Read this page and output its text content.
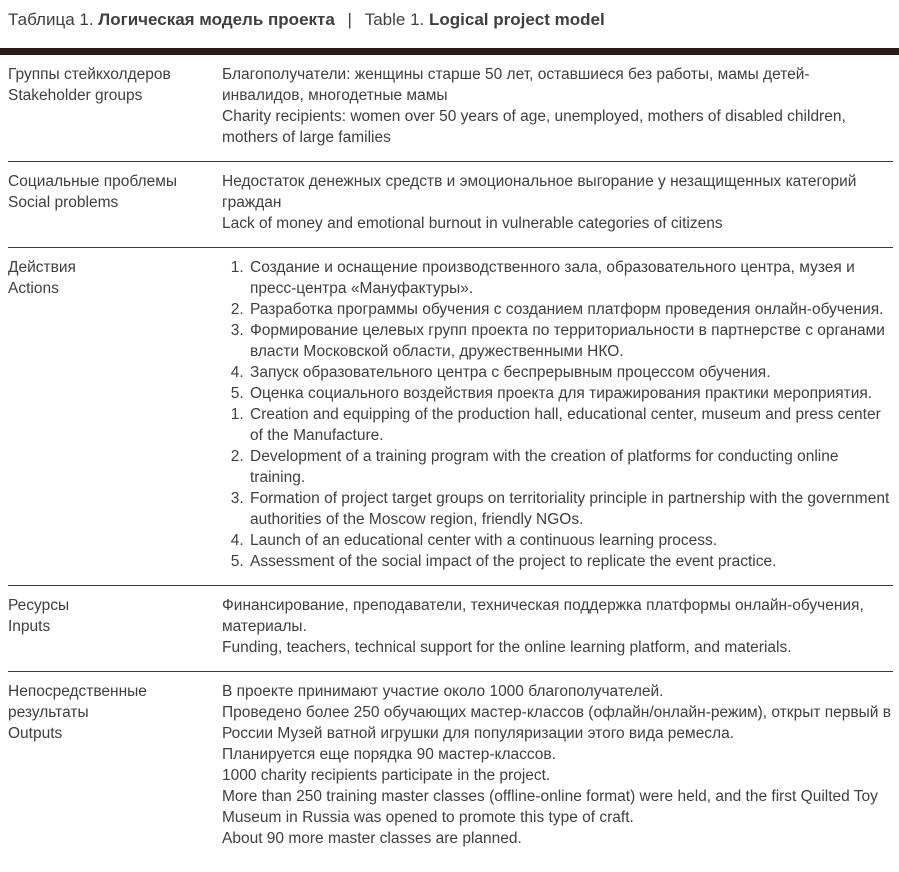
Таблица 1. Логическая модель проекта | Table 1. Logical project model
Группы стейкхолдеров
Stakeholder groups

Благополучатели: женщины старше 50 лет, оставшиеся без работы, мамы детей-инвалидов, многодетные мамы

Charity recipients: women over 50 years of age, unemployed, mothers of disabled children, mothers of large families

Социальные проблемы
Social problems

Недостаток денежных средств и эмоциональное выгорание у незащищенных категорий граждан

Lack of money and emotional burnout in vulnerable categories of citizens

Действия
Actions
1. Создание и оснащение производственного зала, образовательного центра, музея и пресс-центра «Мануфактуры».
2. Разработка программы обучения с созданием платформ проведения онлайн-обучения.
3. Формирование целевых групп проекта по территориальности в партнерстве с органами власти Московской области, дружественными НКО.
4. Запуск образовательного центра с беспрерывным процессом обучения.
5. Оценка социального воздействия проекта для тиражирования практики мероприятия.
1. Creation and equipping of the production hall, educational center, museum and press center of the Manufacture.
2. Development of a training program with the creation of platforms for conducting online training.
3. Formation of project target groups on territoriality principle in partnership with the government authorities of the Moscow region, friendly NGOs.
4. Launch of an educational center with a continuous learning process.
5. Assessment of the social impact of the project to replicate the event practice.
Ресурсы
Inputs

Финансирование, преподаватели, техническая поддержка платформы онлайн-обучения, материалы.

Funding, teachers, technical support for the online learning platform, and materials.

Непосредственные результаты
Outputs

В проекте принимают участие около 1000 благополучателей.

Проведено более 250 обучающих мастер-классов (офлайн/онлайн-режим), открыт первый в России Музей ватной игрушки для популяризации этого вида ремесла.

Планируется еще порядка 90 мастер-классов.

1000 charity recipients participate in the project.

More than 250 training master classes (offline-online format) were held, and the first Quilted Toy Museum in Russia was opened to promote this type of craft.

About 90 more master classes are planned.
